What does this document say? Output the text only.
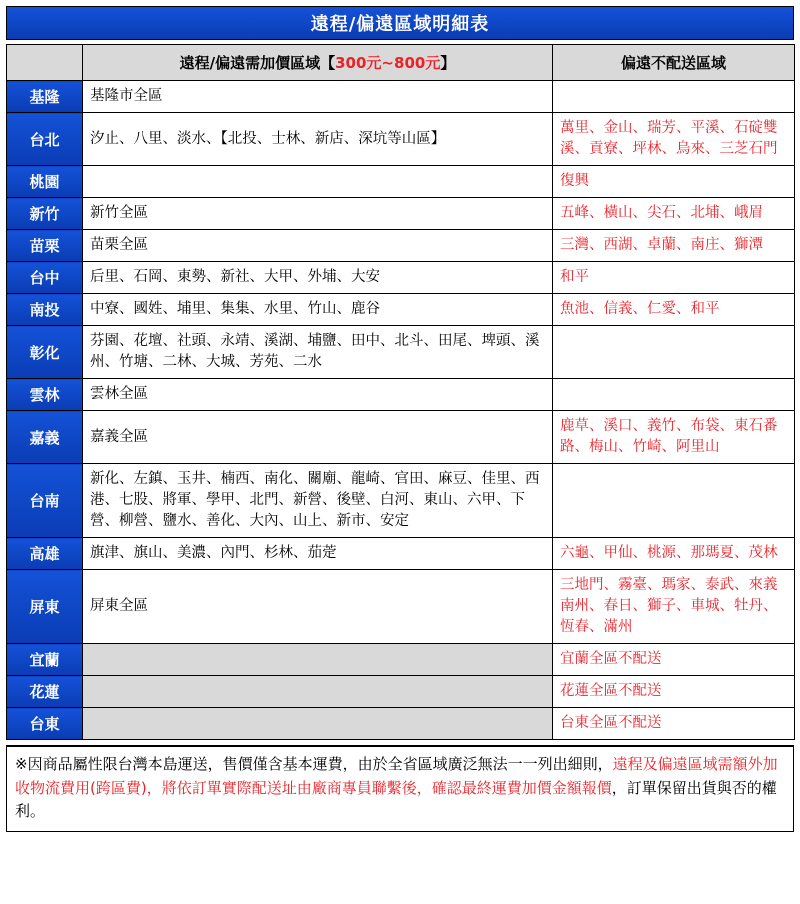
遠程/偏遠區域明細表
	遠程/偏遠需加價區域【300元~800元】	偏遠不配送區域
基隆	基隆市全區	
台北	汐止、八里、淡水、【北投、士林、新店、深坑等山區】	萬里、金山、瑞芳、平溪、石碇雙溪、貢寮、坪林、烏來、三芝石門
桃園		復興
新竹	新竹全區	五峰、橫山、尖石、北埔、峨眉
苗栗	苗栗全區	三灣、西湖、卓蘭、南庄、獅潭
台中	后里、石岡、東勢、新社、大甲、外埔、大安	和平
南投	中寮、國姓、埔里、集集、水里、竹山、鹿谷	魚池、信義、仁愛、和平
彰化	芬園、花壇、社頭、永靖、溪湖、埔鹽、田中、北斗、田尾、埤頭、溪州、竹塘、二林、大城、芳苑、二水	
雲林	雲林全區	
嘉義	嘉義全區	鹿草、溪口、義竹、布袋、東石番路、梅山、竹崎、阿里山
台南	新化、左鎮、玉井、楠西、南化、關廟、龍崎、官田、麻豆、佳里、西港、七股、將軍、學甲、北門、新營、後壁、白河、東山、六甲、下營、柳營、鹽水、善化、大內、山上、新市、安定	
高雄	旗津、旗山、美濃、內門、杉林、茄萣	六龜、甲仙、桃源、那瑪夏、茂林
屏東	屏東全區	三地門、霧臺、瑪家、泰武、來義南州、春日、獅子、車城、牡丹、恆春、滿州
宜蘭		宜蘭全區不配送
花蓮		花蓮全區不配送
台東		台東全區不配送
※因商品屬性限台灣本島運送，售價僅含基本運費，由於全省區域廣泛無法一一列出細則，遠程及偏遠區域需額外加收物流費用(跨區費)，將依訂單實際配送址由廠商專員聯繫後，確認最終運費加價金額報價，訂單保留出貨與否的權利。
